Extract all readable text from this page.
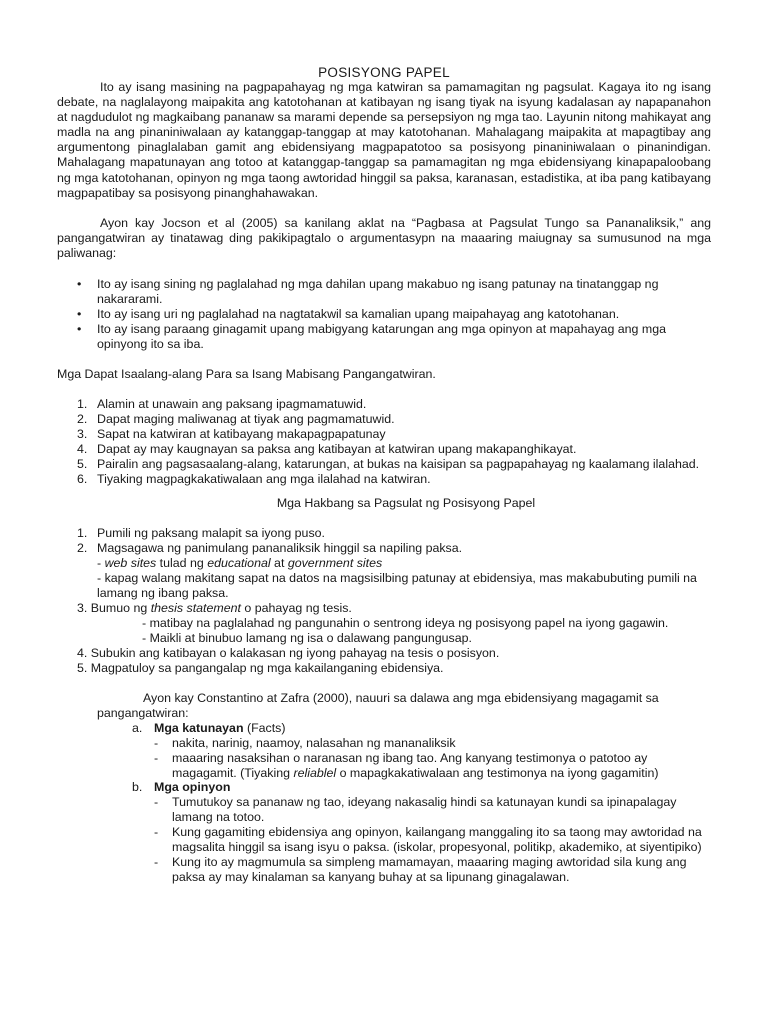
POSISYONG PAPEL
Ito ay isang masining na pagpapahayag ng mga katwiran sa pamamagitan ng pagsulat. Kagaya ito ng isang debate, na naglalayong maipakita ang katotohanan at katibayan ng isang tiyak na isyung kadalasan ay napapanahon at nagdudulot ng magkaibang pananaw sa marami depende sa persepsiyon ng mga tao. Layunin nitong mahikayat ang madla na ang pinaniniwalaan ay katanggap-tanggap at may katotohanan. Mahalagang maipakita at mapagtibay ang argumentong pinaglalaban gamit ang ebidensiyang magpapatotoo sa posisyong pinaniniwalaan o pinanindigan. Mahalagang mapatunayan ang totoo at katanggap-tanggap sa pamamagitan ng mga ebidensiyang kinapapaloobang ng mga katotohanan, opinyon ng mga taong awtoridad hinggil sa paksa, karanasan, estadistika, at iba pang katibayang magpapatibay sa posisyong pinanghahawakan.
Ayon kay Jocson et al (2005) sa kanilang aklat na “Pagbasa at Pagsulat Tungo sa Pananaliksik,” ang pangangatwiran ay tinatawag ding pakikipagtalo o argumentasypn na maaaring maiugnay sa sumusunod na mga paliwanag:
• Ito ay isang sining ng paglalahad ng mga dahilan upang makabuo ng isang patunay na tinatanggap ng nakararami.
• Ito ay isang uri ng paglalahad na nagtatakwil sa kamalian upang maipahayag ang katotohanan.
• Ito ay isang paraang ginagamit upang mabigyang katarungan ang mga opinyon at mapahayag ang mga opinyong ito sa iba.
Mga Dapat Isaalang-alang Para sa Isang Mabisang Pangangatwiran.
1. Alamin at unawain ang paksang ipagmamatuwid.
2. Dapat maging maliwanag at tiyak ang pagmamatuwid.
3. Sapat na katwiran at katibayang makapagpapatunay
4. Dapat ay may kaugnayan sa paksa ang katibayan at katwiran upang makapanghikayat.
5. Pairalin ang pagsasaalang-alang, katarungan, at bukas na kaisipan sa pagpapahayag ng kaalamang ilalahad.
6. Tiyaking magpagkakatiwalaan ang mga ilalahad na katwiran.
Mga Hakbang sa Pagsulat ng Posisyong Papel
1. Pumili ng paksang malapit sa iyong puso.
2. Magsagawa ng panimulang pananaliksik hinggil sa napiling paksa.
- web sites tulad ng educational at government sites
- kapag walang makitang sapat na datos na magsisilbing patunay at ebidensiya, mas makabubuting pumili na lamang ng ibang paksa.
3. Bumuo ng thesis statement o pahayag ng tesis.
- matibay na paglalahad ng pangunahin o sentrong ideya ng posisyong papel na iyong gagawin.
- Maikli at binubuo lamang ng isa o dalawang pangungusap.
4. Subukin ang katibayan o kalakasan ng iyong pahayag na tesis o posisyon.
5. Magpatuloy sa pangangalap ng mga kakailanganing ebidensiya.
Ayon kay Constantino at Zafra (2000), nauuri sa dalawa ang mga ebidensiyang magagamit sa pangangatwiran:
a. Mga katunayan (Facts)
- nakita, narinig, naamoy, nalasahan ng mananaliksik
- maaaring nasaksihan o naranasan ng ibang tao. Ang kanyang testimonya o patotoo ay magagamit. (Tiyaking reliablel o mapagkakatiwalaan ang testimonya na iyong gagamitin)
b. Mga opinyon
- Tumutukoy sa pananaw ng tao, ideyang nakasalig hindi sa katunayan kundi sa ipinapalagay lamang na totoo.
- Kung gagamiting ebidensiya ang opinyon, kailangang manggaling ito sa taong may awtoridad na magsalita hinggil sa isang isyu o paksa. (iskolar, propesyonal, politikp, akademiko, at siyentipiko)
- Kung ito ay magmumula sa simpleng mamamayan, maaaring maging awtoridad sila kung ang paksa ay may kinalaman sa kanyang buhay at sa lipunang ginagalawan.
